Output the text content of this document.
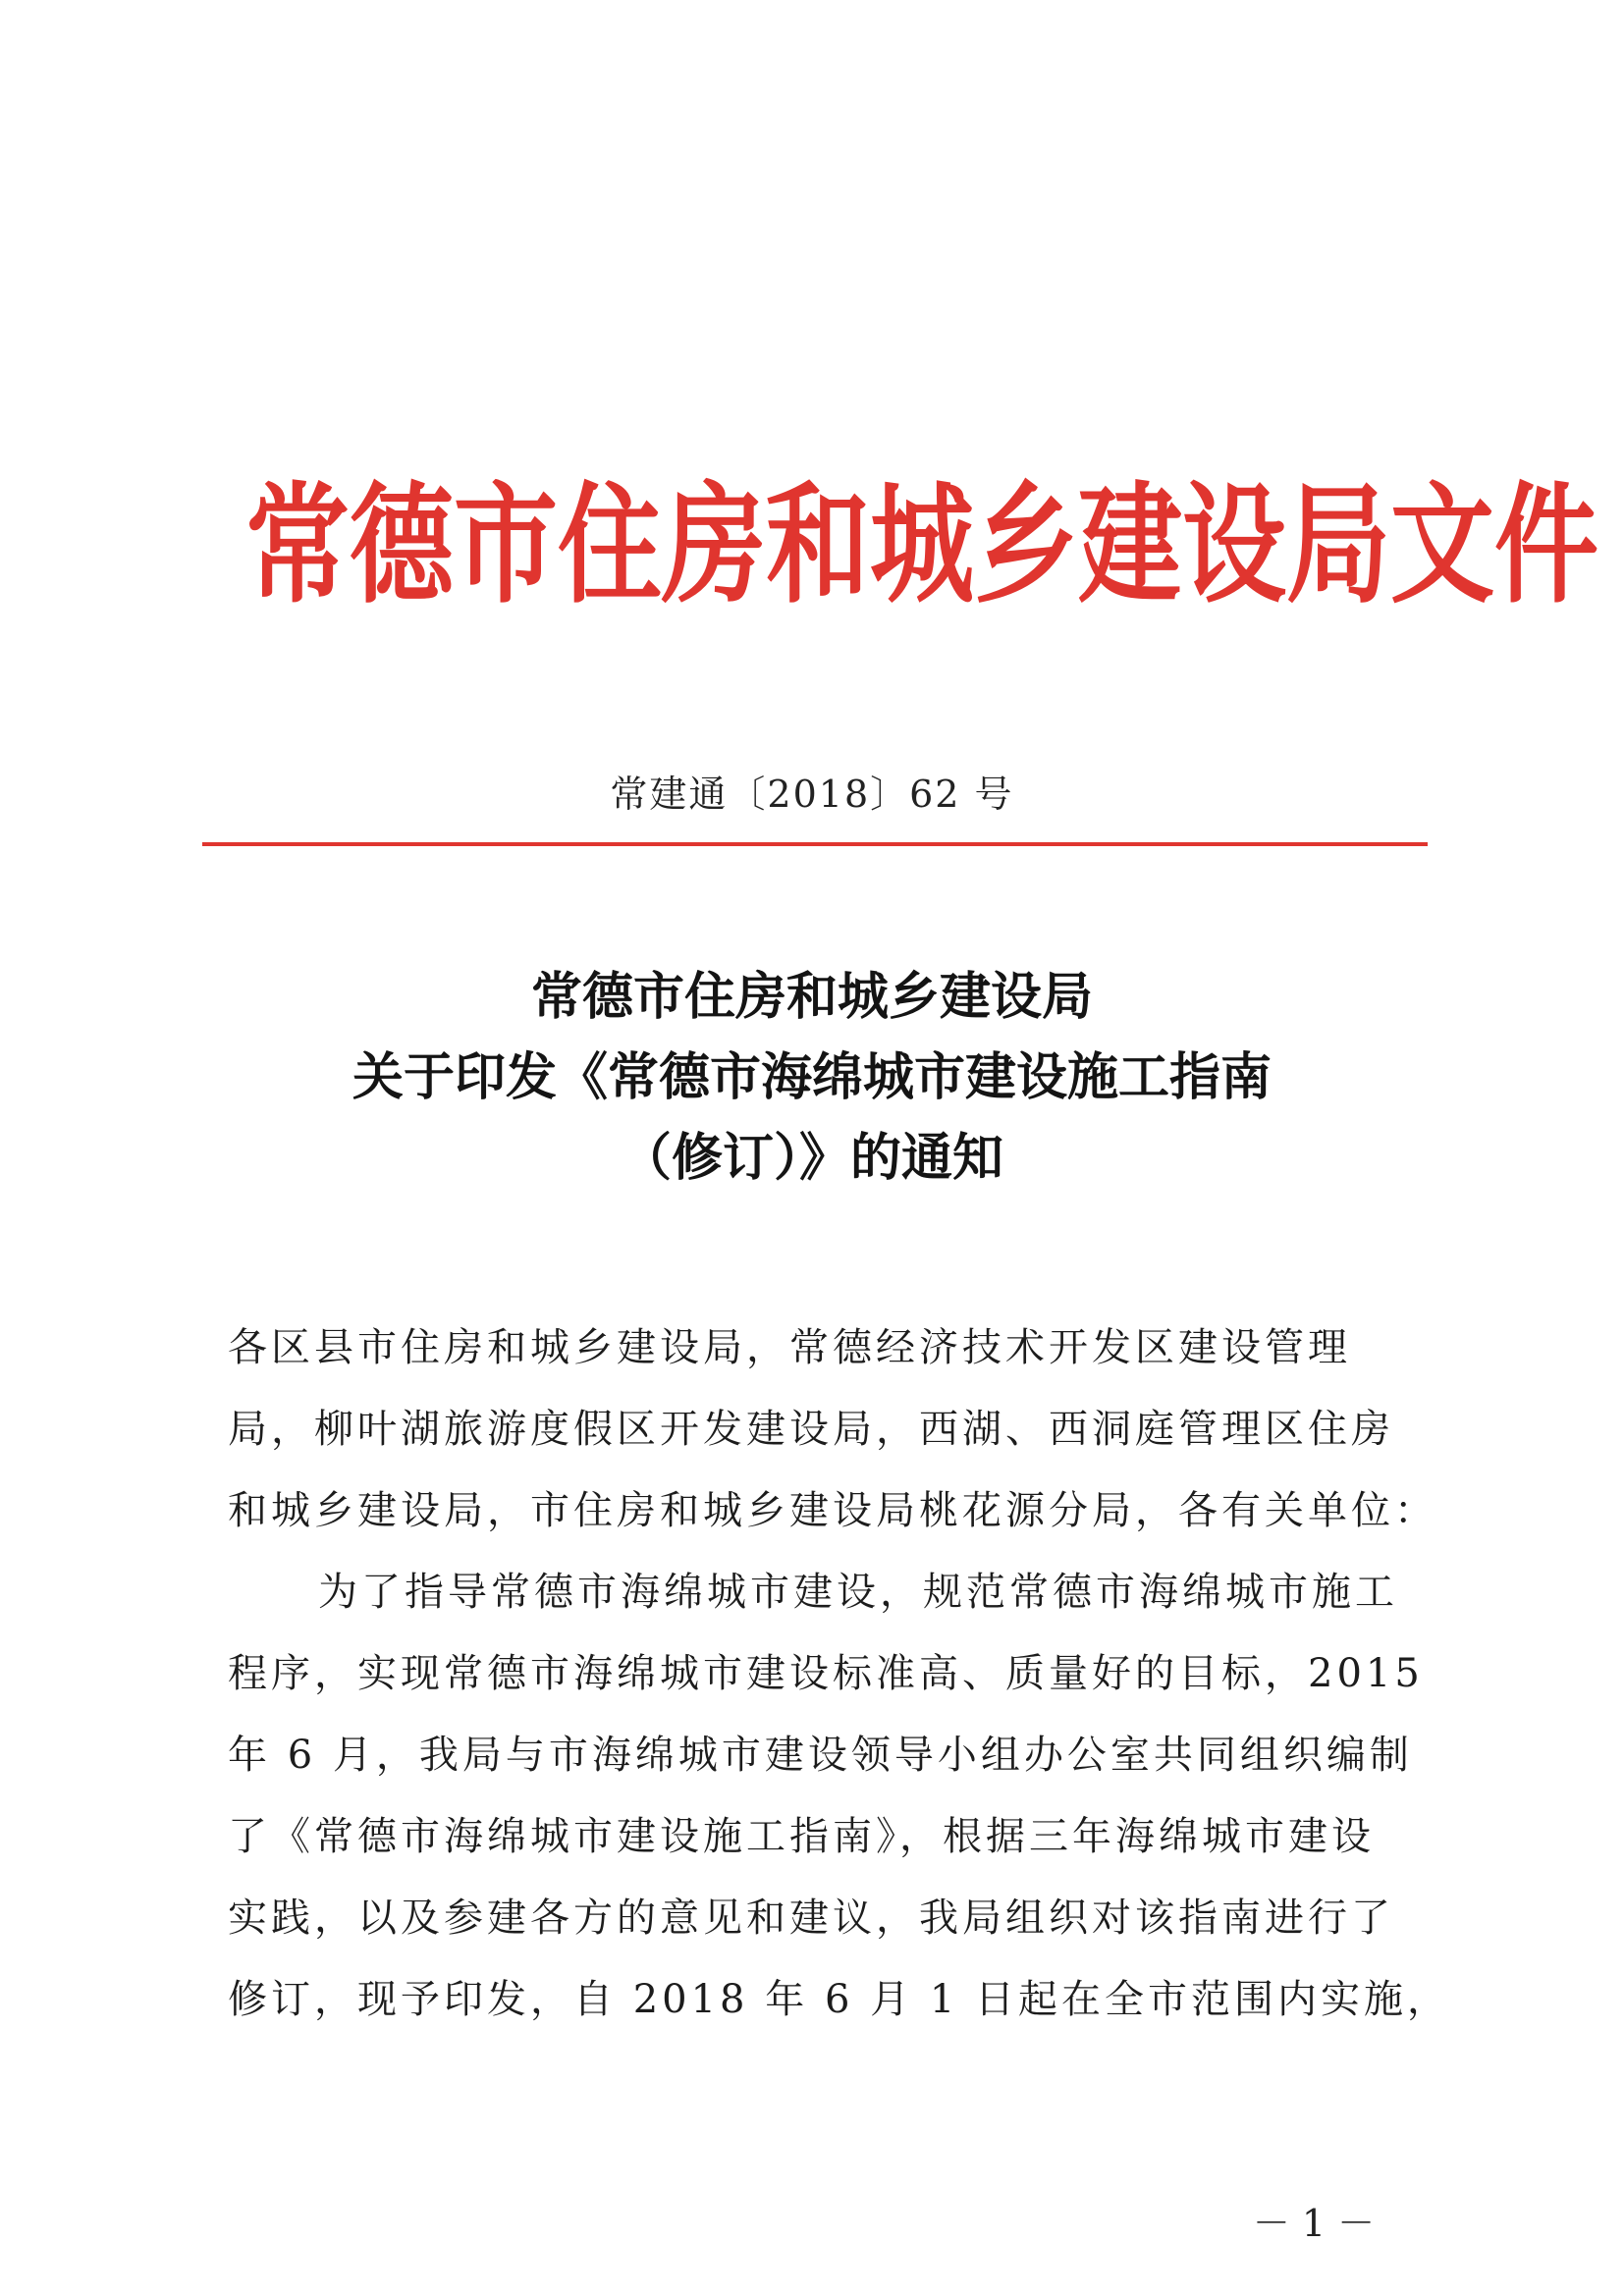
常德市住房和城乡建设局文件
常建通〔2018〕62 号
常德市住房和城乡建设局
关于印发《常德市海绵城市建设施工指南
（修订）》的通知
各区县市住房和城乡建设局，常德经济技术开发区建设管理
局，柳叶湖旅游度假区开发建设局，西湖、西洞庭管理区住房
和城乡建设局，市住房和城乡建设局桃花源分局，各有关单位：
为了指导常德市海绵城市建设，规范常德市海绵城市施工
程序，实现常德市海绵城市建设标准高、质量好的目标，2015
年 6 月，我局与市海绵城市建设领导小组办公室共同组织编制
了《常德市海绵城市建设施工指南》，根据三年海绵城市建设
实践，以及参建各方的意见和建议，我局组织对该指南进行了
修订，现予印发，自 2018 年 6 月 1 日起在全市范围内实施，
－ 1 －
